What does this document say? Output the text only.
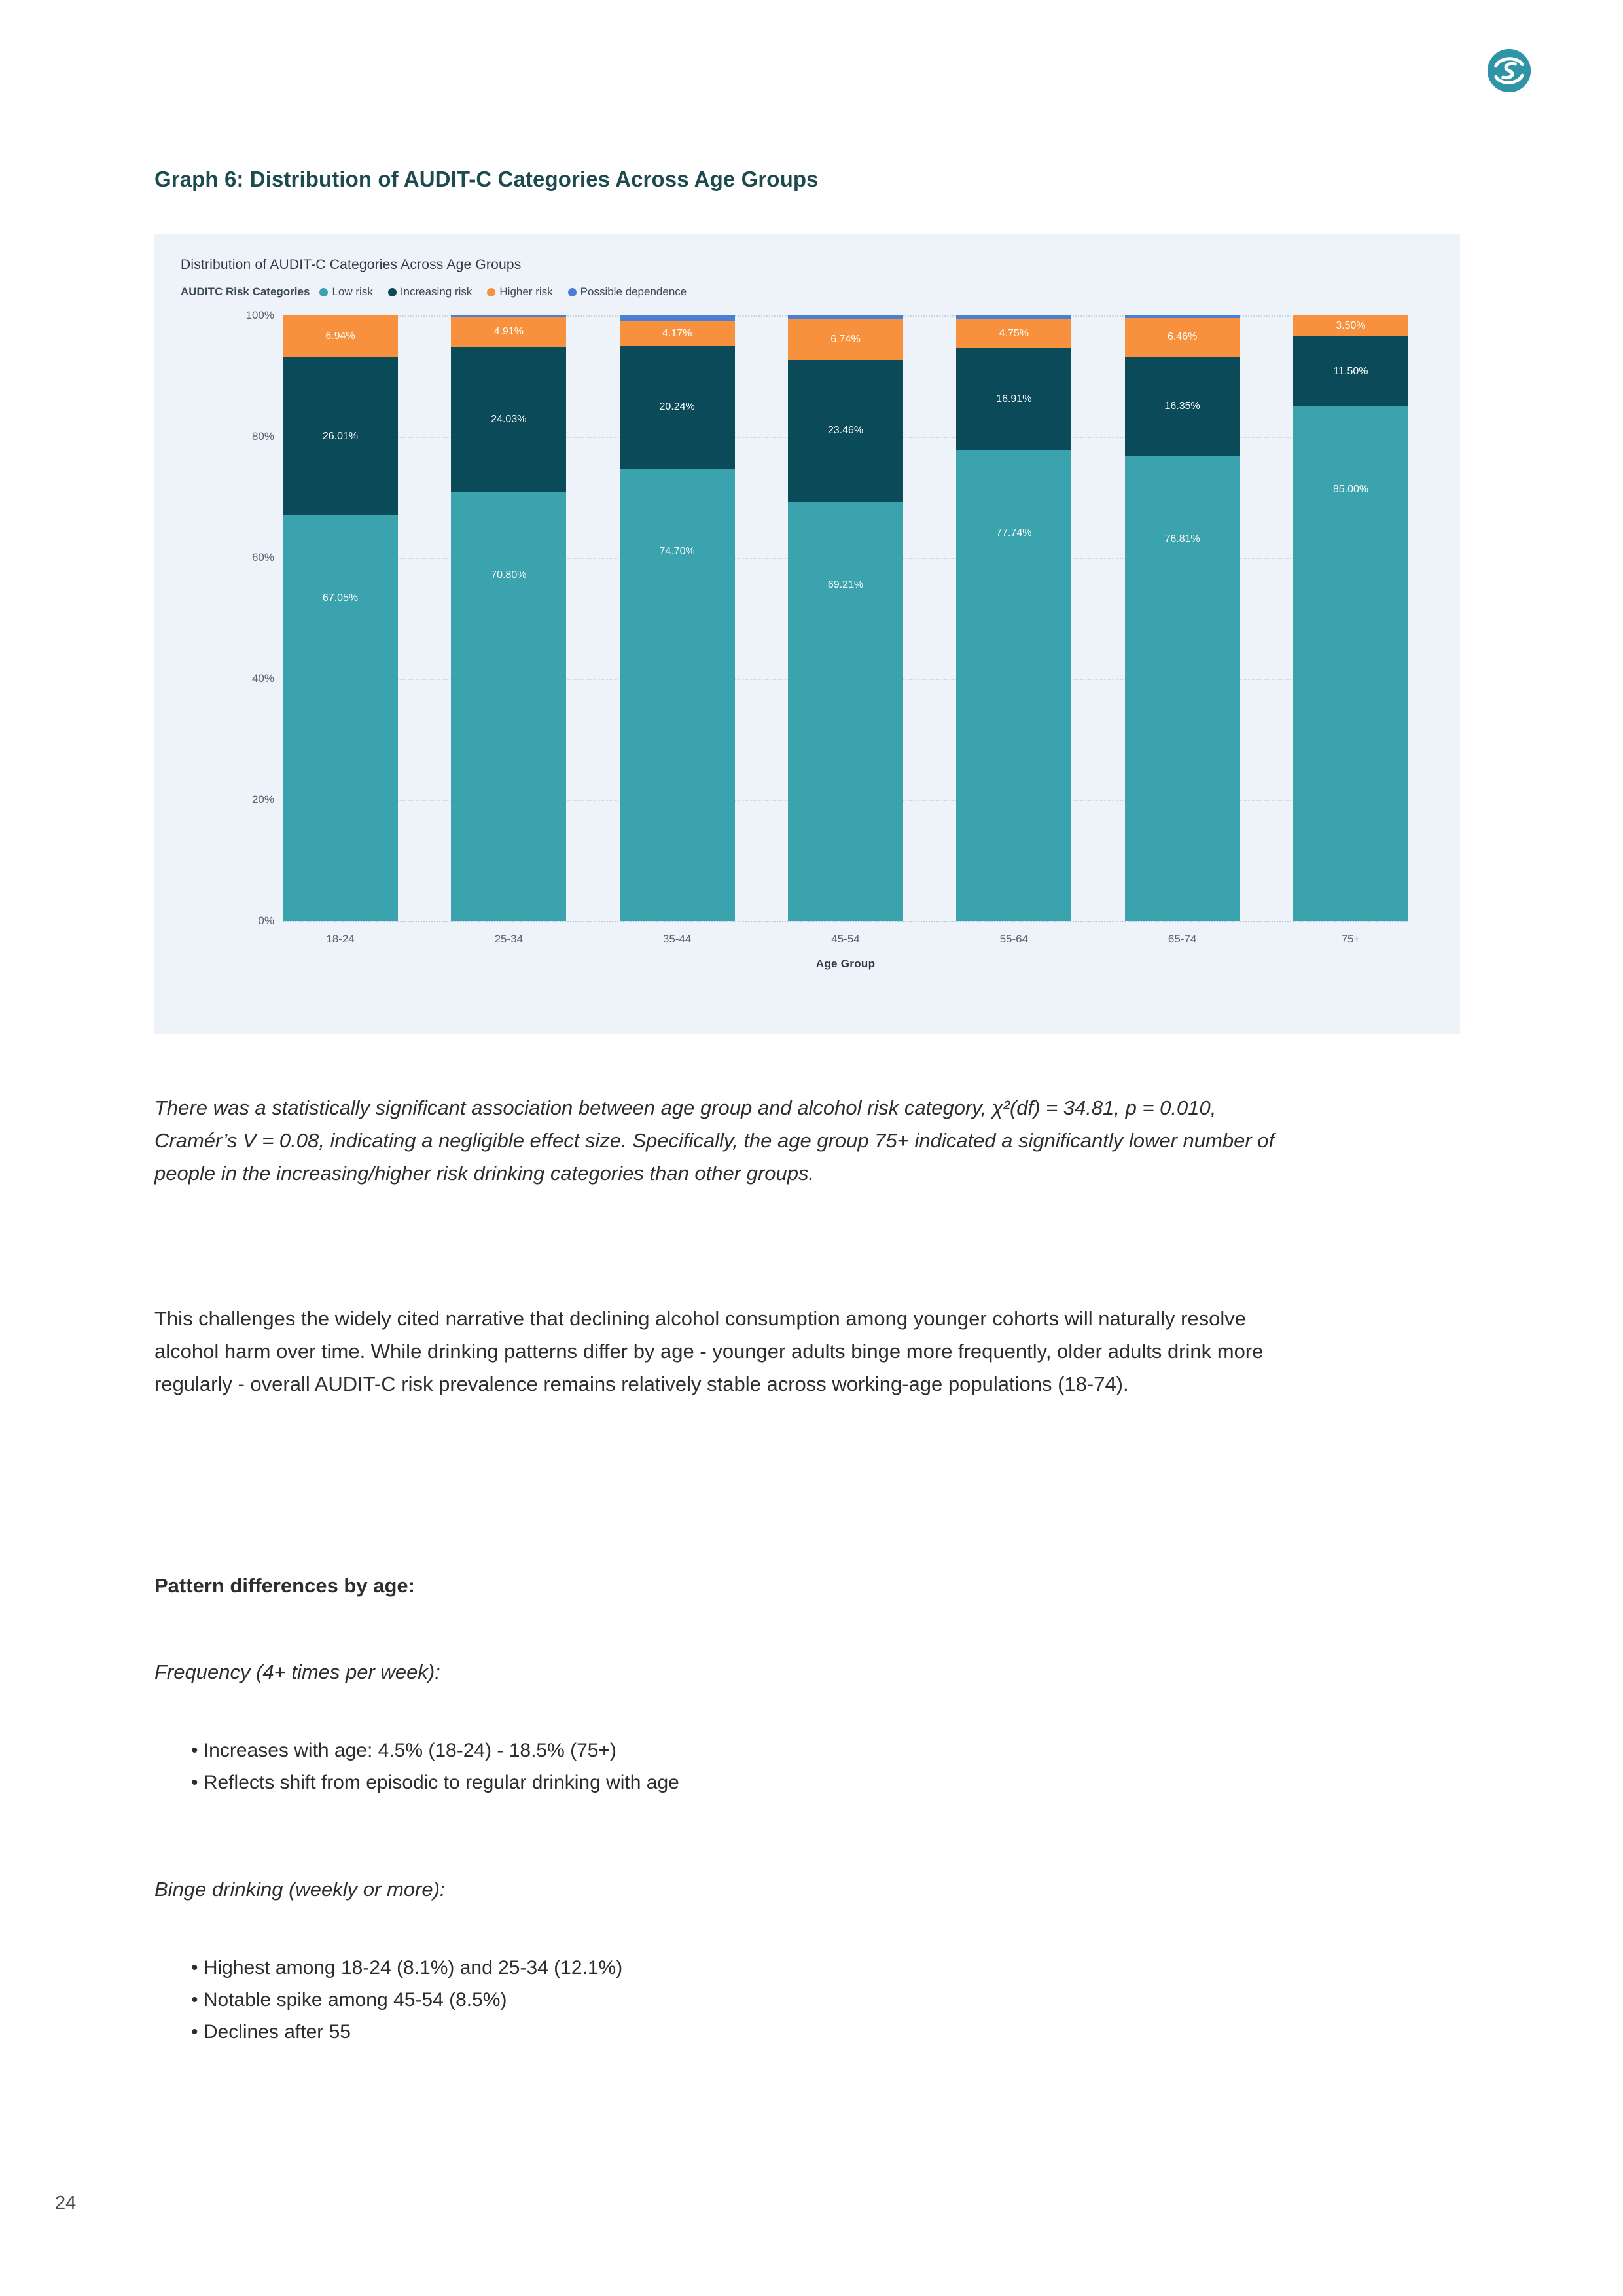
Graph 6: Distribution of AUDIT-C Categories Across Age Groups
Distribution of AUDIT-C Categories Across Age Groups
AUDITC Risk Categories Low risk Increasing risk Higher risk Possible dependence
0%
20%
40%
60%
80%
100%
6.94%
26.01%
67.05%
4.91%
24.03%
70.80%
4.17%
20.24%
74.70%
6.74%
23.46%
69.21%
4.75%
16.91%
77.74%
6.46%
16.35%
76.81%
3.50%
11.50%
85.00%
18-24	25-34	35-44	45-54	55-64	65-74	75+
Age Group
There was a statistically significant association between age group and alcohol risk category, χ²(df) = 34.81, p = 0.010, Cramér’s V = 0.08, indicating a negligible effect size. Specifically, the age group 75+ indicated a significantly lower number of people in the increasing/higher risk drinking categories than other groups.
This challenges the widely cited narrative that declining alcohol consumption among younger cohorts will naturally resolve alcohol harm over time. While drinking patterns differ by age - younger adults binge more frequently, older adults drink more regularly - overall AUDIT-C risk prevalence remains relatively stable across working-age populations (18-74).
Pattern differences by age:
Frequency (4+ times per week):
• Increases with age: 4.5% (18-24) - 18.5% (75+)
• Reflects shift from episodic to regular drinking with age
Binge drinking (weekly or more):
• Highest among 18-24 (8.1%) and 25-34 (12.1%)
• Notable spike among 45-54 (8.5%)
• Declines after 55
24
